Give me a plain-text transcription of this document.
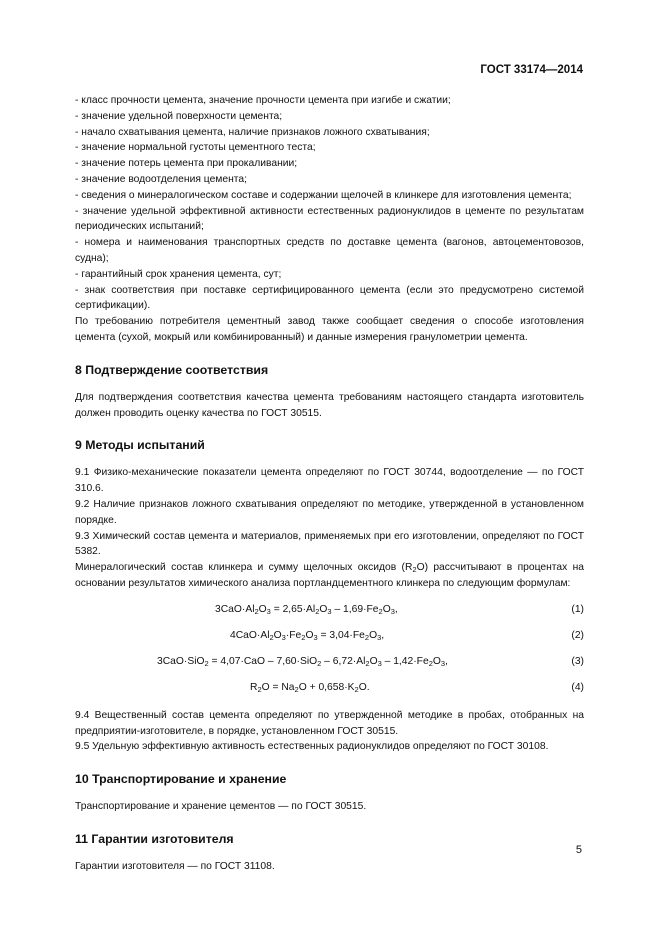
ГОСТ 33174—2014

- класс прочности цемента, значение прочности цемента при изгибе и сжатии;

- значение удельной поверхности цемента;

- начало схватывания цемента, наличие признаков ложного схватывания;

- значение нормальной густоты цементного теста;

- значение потерь цемента при прокаливании;

- значение водоотделения цемента;

- сведения о минералогическом составе и содержании щелочей в клинкере для изготовления цемента;

- значение удельной эффективной активности естественных радионуклидов в цементе по результатам периодических испытаний;

- номера и наименования транспортных средств по доставке цемента (вагонов, автоцементовозов, судна);

- гарантийный срок хранения цемента, сут;

- знак соответствия при поставке сертифицированного цемента (если это предусмотрено системой сертификации).

По требованию потребителя цементный завод также сообщает сведения о способе изготовления цемента (сухой, мокрый или комбинированный) и данные измерения гранулометрии цемента.

8 Подтверждение соответствия

Для подтверждения соответствия качества цемента требованиям настоящего стандарта изготовитель должен проводить оценку качества по ГОСТ 30515.

9 Методы испытаний

9.1 Физико-механические показатели цемента определяют по ГОСТ 30744, водоотделение — по ГОСТ 310.6.

9.2 Наличие признаков ложного схватывания определяют по методике, утвержденной в установленном порядке.

9.3 Химический состав цемента и материалов, применяемых при его изготовлении, определяют по ГОСТ 5382.

Минералогический состав клинкера и сумму щелочных оксидов $(R_2O)$ рассчитывают в процентах на основании результатов химического анализа портландцементного клинкера по следующим формулам:

$3CaO\cdot Al_2O_3 = 2,65\cdot Al_2O_3 - 1,69\cdot Fe_2O_3$,	(1)
$4CaO\cdot Al_2O_3\cdot Fe_2O_3 = 3,04\cdot Fe_2O_3$,	(2)
$3CaO\cdot SiO_2 = 4,07\cdot CaO - 7,60\cdot SiO_2 - 6,72\cdot Al_2O_3 - 1,42\cdot Fe_2O_3$,	(3)
$R_2O = Na_2O + 0,658\cdot K_2O$.	(4)

9.4 Вещественный состав цемента определяют по утвержденной методике в пробах, отобранных на предприятии-изготовителе, в порядке, установленном ГОСТ 30515.

9.5 Удельную эффективную активность естественных радионуклидов определяют по ГОСТ 30108.

10 Транспортирование и хранение

Транспортирование и хранение цементов — по ГОСТ 30515.

11 Гарантии изготовителя

Гарантии изготовителя — по ГОСТ 31108.

5
